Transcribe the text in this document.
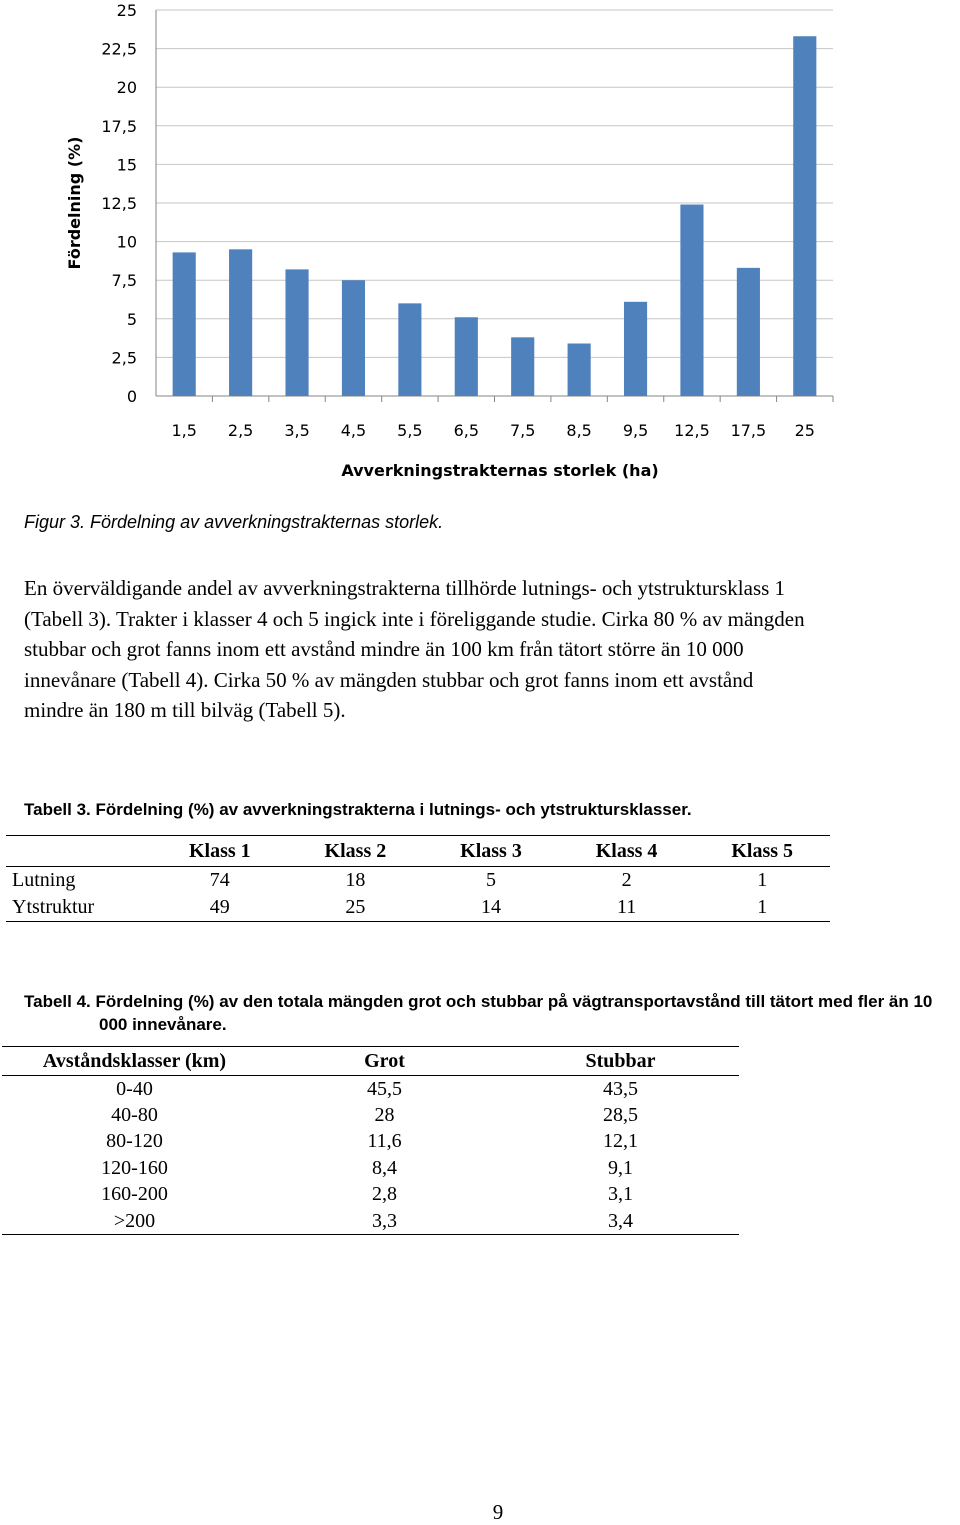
0
2,5
5
7,5
10
12,5
15
17,5
20
22,5
25
1,5 2,5 3,5 4,5 5,5 6,5 7,5 8,5 9,5 12,5 17,5 25
Fördelning (%)
Avverkningstrakternas storlek (ha)
Figur 3. Fördelning av avverkningstrakternas storlek.
En överväldigande andel av avverkningstrakterna tillhörde lutnings- och ytstruktursklass 1
(Tabell 3). Trakter i klasser 4 och 5 ingick inte i föreliggande studie. Cirka 80 % av mängden
stubbar och grot fanns inom ett avstånd mindre än 100 km från tätort större än 10 000
innevånare (Tabell 4). Cirka 50 % av mängden stubbar och grot fanns inom ett avstånd
mindre än 180 m till bilväg (Tabell 5).
Tabell 3. Fördelning (%) av avverkningstrakterna i lutnings- och ytstruktursklasser.
	Klass 1	Klass 2	Klass 3	Klass 4	Klass 5
Lutning	74	18	5	2	1
Ytstruktur	49	25	14	11	1
Tabell 4. Fördelning (%) av den totala mängden grot och stubbar på vägtransportavstånd till tätort med fler än 10 000 innevånare.
Avståndsklasser (km)	Grot	Stubbar
0-40	45,5	43,5
40-80	28	28,5
80-120	11,6	12,1
120-160	8,4	9,1
160-200	2,8	3,1
>200	3,3	3,4
9
